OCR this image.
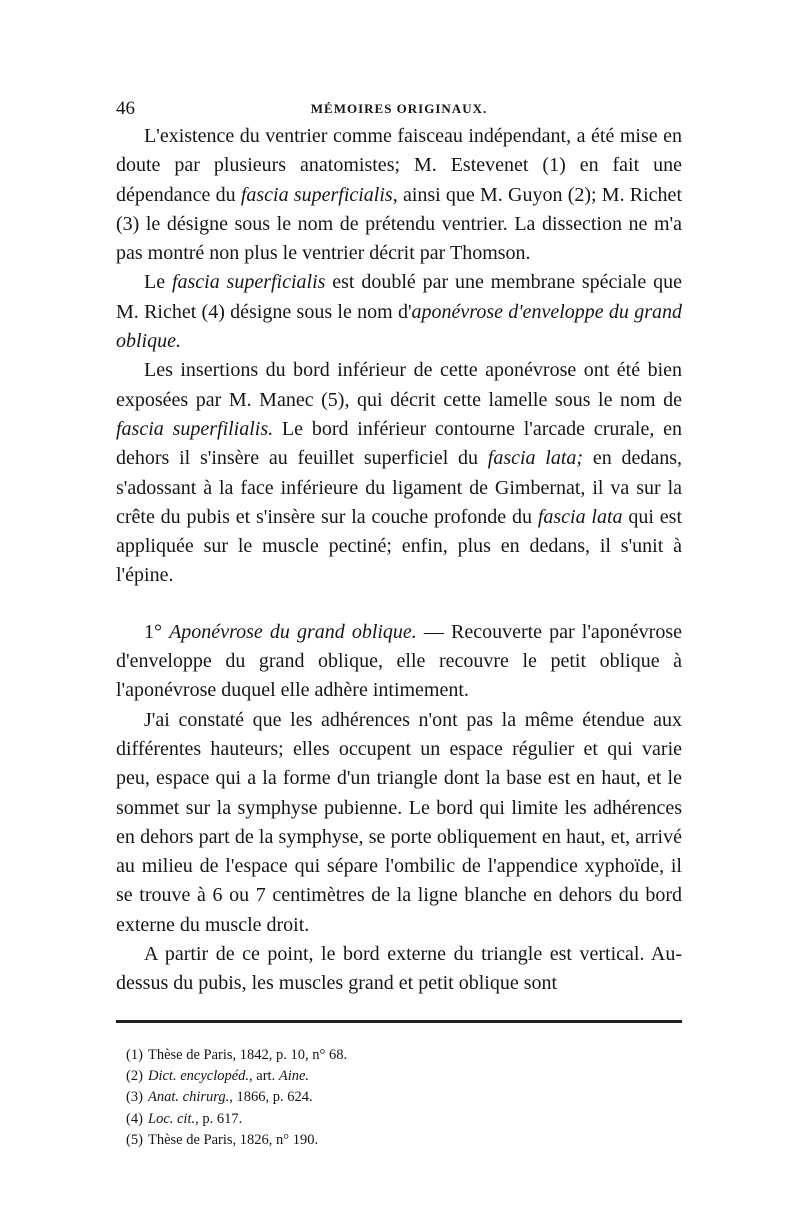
46	MÉMOIRES ORIGINAUX.

L'existence du ventrier comme faisceau indépendant, a été mise en doute par plusieurs anatomistes; M. Estevenet (1) en fait une dépendance du fascia superficialis, ainsi que M. Guyon (2); M. Richet (3) le désigne sous le nom de prétendu ventrier. La dissection ne m'a pas montré non plus le ventrier décrit par Thomson.

Le fascia superficialis est doublé par une membrane spéciale que M. Richet (4) désigne sous le nom d'aponévrose d'enveloppe du grand oblique.

Les insertions du bord inférieur de cette aponévrose ont été bien exposées par M. Manec (5), qui décrit cette lamelle sous le nom de fascia superfilialis. Le bord inférieur contourne l'arcade crurale, en dehors il s'insère au feuillet superficiel du fascia lata; en dedans, s'adossant à la face inférieure du ligament de Gimbernat, il va sur la crête du pubis et s'insère sur la couche profonde du fascia lata qui est appliquée sur le muscle pectiné; enfin, plus en dedans, il s'unit à l'épine.

1° Aponévrose du grand oblique. — Recouverte par l'aponévrose d'enveloppe du grand oblique, elle recouvre le petit oblique à l'aponévrose duquel elle adhère intimement.

J'ai constaté que les adhérences n'ont pas la même étendue aux différentes hauteurs; elles occupent un espace régulier et qui varie peu, espace qui a la forme d'un triangle dont la base est en haut, et le sommet sur la symphyse pubienne. Le bord qui limite les adhérences en dehors part de la symphyse, se porte obliquement en haut, et, arrivé au milieu de l'espace qui sépare l'ombilic de l'appendice xyphoïde, il se trouve à 6 ou 7 centimètres de la ligne blanche en dehors du bord externe du muscle droit.

A partir de ce point, le bord externe du triangle est vertical. Au-dessus du pubis, les muscles grand et petit oblique sont

(1) Thèse de Paris, 1842, p. 10, n° 68.
(2) Dict. encyclopéd., art. Aine.
(3) Anat. chirurg., 1866, p. 624.
(4) Loc. cit., p. 617.
(5) Thèse de Paris, 1826, n° 190.
